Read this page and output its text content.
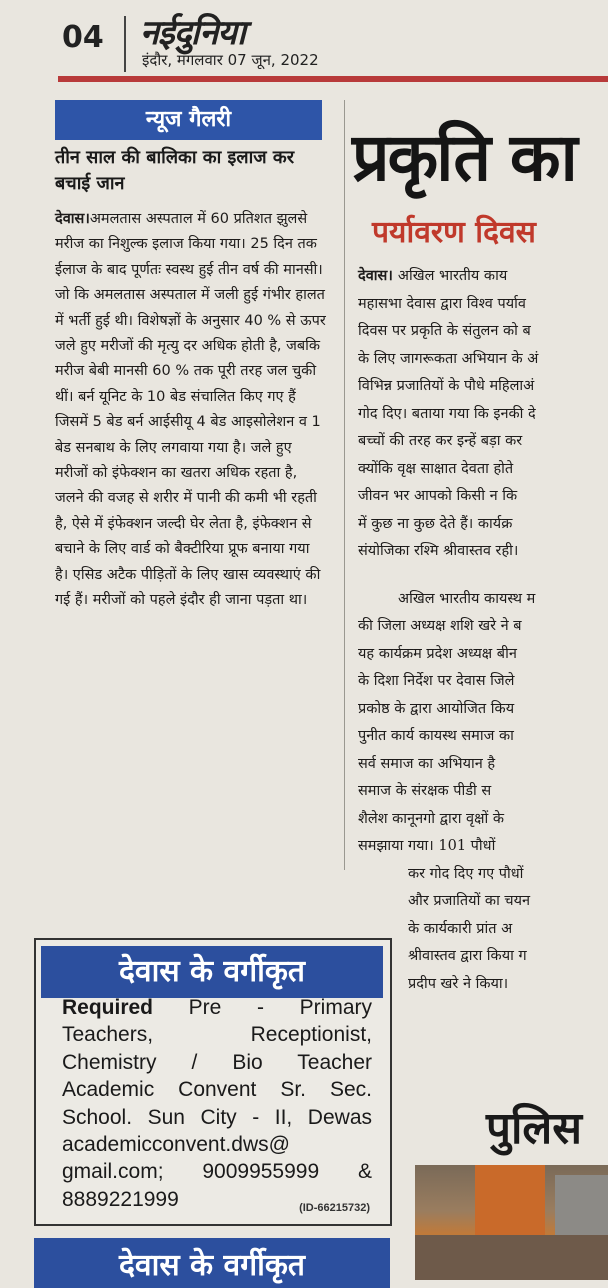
04 नईदुनिया
इंदौर, मंगलवार 07 जून, 2022
न्यूज गैलरी
तीन साल की बालिका का इलाज कर बचाई जान
देवास।अमलतास अस्पताल में 60 प्रतिशत झुलसे मरीज का निशुल्क इलाज किया गया। 25 दिन तक ईलाज के बाद पूर्णतः स्वस्थ हुई तीन वर्ष की मानसी। जो कि अमलतास अस्पताल में जली हुई गंभीर हालत में भर्ती हुई थी। विशेषज्ञों के अनुसार 40 % से ऊपर जले हुए मरीजों की मृत्यु दर अधिक होती है, जबकि मरीज बेबी मानसी 60 % तक पूरी तरह जल चुकी थीं। बर्न यूनिट के 10 बेड संचालित किए गए हैं जिसमें 5 बेड बर्न आईसीयू 4 बेड आइसोलेशन व 1 बेड सनबाथ के लिए लगवाया गया है। जले हुए मरीजों को इंफेक्शन का खतरा अधिक रहता है, जलने की वजह से शरीर में पानी की कमी भी रहती है, ऐसे में इंफेक्शन जल्दी घेर लेता है, इंफेक्शन से बचाने के लिए वार्ड को बैक्टीरिया प्रूफ बनाया गया है। एसिड अटैक पीड़ितों के लिए खास व्यवस्थाएं की गई हैं। मरीजों को पहले इंदौर ही जाना पड़ता था।
प्रकृति का
पर्यावरण दिवस

देवास। अखिल भारतीय काय

महासभा देवास द्वारा विश्व पर्याव

दिवस पर प्रकृति के संतुलन को ब

के लिए जागरूकता अभियान के अं

विभिन्न प्रजातियों के पौधे महिलाअं

गोद दिए। बताया गया कि इनकी दे

बच्चों की तरह कर इन्हें बड़ा कर

क्योंकि वृक्ष साक्षात देवता होते

जीवन भर आपको किसी न कि

में कुछ ना कुछ देते हैं। कार्यक्र

संयोजिका रश्मि श्रीवास्तव रही।

अखिल भारतीय कायस्थ म

की जिला अध्यक्ष शशि खरे ने ब

यह कार्यक्रम प्रदेश अध्यक्ष बीन

के दिशा निर्देश पर देवास जिले

प्रकोष्ठ के द्वारा आयोजित किय

पुनीत कार्य कायस्थ समाज का

सर्व समाज का अभियान है

समाज के संरक्षक पीडी स

शैलेश कानूनगो द्वारा वृक्षों के

समझाया गया। 101 पौधों

कर गोद दिए गए पौधों

और प्रजातियों का चयन

के कार्यकारी प्रांत अ

श्रीवास्तव द्वारा किया ग

प्रदीप खरे ने किया।

पुलिस
देवास के वर्गीकृत
Required Pre - Primary Teachers, Receptionist, Chemistry / Bio Teacher Academic Convent Sr. Sec. School. Sun City - II, Dewas academicconvent.dws@ gmail.com; 9009955999 & 8889221999	(ID-66215732)
देवास के वर्गीकृत
